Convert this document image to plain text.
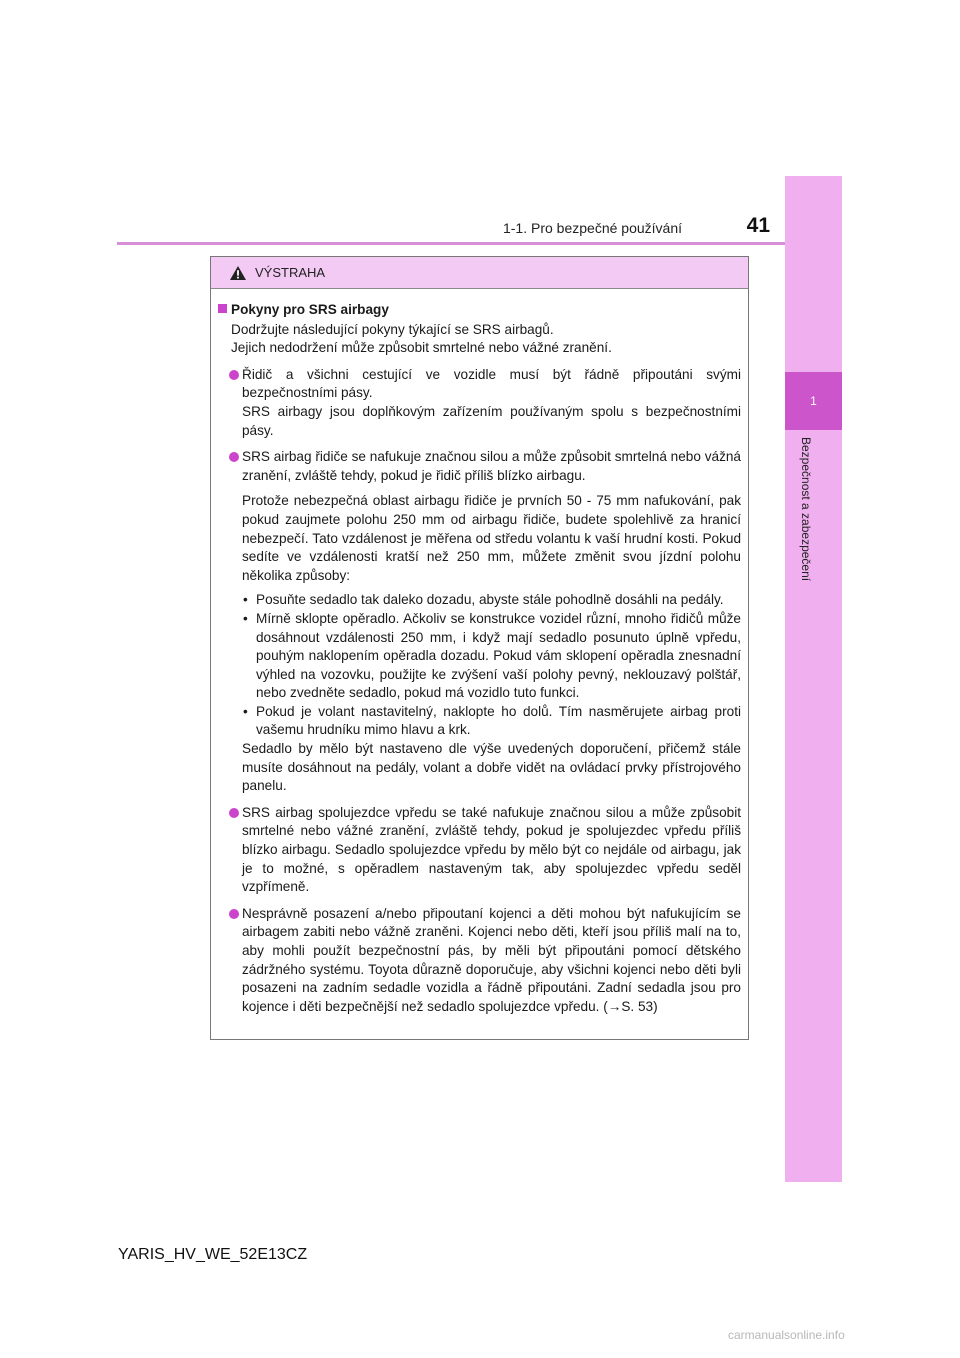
1
Bezpečnost a zabezpečení
1-1. Pro bezpečné používání	41
VÝSTRAHA
Pokyny pro SRS airbagy
Dodržujte následující pokyny týkající se SRS airbagů.
Jejich nedodržení může způsobit smrtelné nebo vážné zranění.
Řidič a všichni cestující ve vozidle musí být řádně připoutáni svými bezpečnostními pásy.
SRS airbagy jsou doplňkovým zařízením používaným spolu s bezpečnostními pásy.
SRS airbag řidiče se nafukuje značnou silou a může způsobit smrtelná nebo vážná zranění, zvláště tehdy, pokud je řidič příliš blízko airbagu.
Protože nebezpečná oblast airbagu řidiče je prvních 50 - 75 mm nafukování, pak pokud zaujmete polohu 250 mm od airbagu řidiče, budete spolehlivě za hranicí nebezpečí. Tato vzdálenost je měřena od středu volantu k vaší hrudní kosti. Pokud sedíte ve vzdálenosti kratší než 250 mm, můžete změnit svou jízdní polohu několika způsoby:
• Posuňte sedadlo tak daleko dozadu, abyste stále pohodlně dosáhli na pedály.
• Mírně sklopte opěradlo. Ačkoliv se konstrukce vozidel různí, mnoho řidičů může dosáhnout vzdálenosti 250 mm, i když mají sedadlo posunuto úplně vpředu, pouhým naklopením opěradla dozadu. Pokud vám sklopení opěradla znesnadní výhled na vozovku, použijte ke zvýšení vaší polohy pevný, neklouzavý polštář, nebo zvedněte sedadlo, pokud má vozidlo tuto funkci.
• Pokud je volant nastavitelný, naklopte ho dolů. Tím nasměrujete airbag proti vašemu hrudníku mimo hlavu a krk.
Sedadlo by mělo být nastaveno dle výše uvedených doporučení, přičemž stále musíte dosáhnout na pedály, volant a dobře vidět na ovládací prvky přístrojového panelu.
SRS airbag spolujezdce vpředu se také nafukuje značnou silou a může způsobit smrtelné nebo vážné zranění, zvláště tehdy, pokud je spolujezdec vpředu příliš blízko airbagu. Sedadlo spolujezdce vpředu by mělo být co nejdále od airbagu, jak je to možné, s opěradlem nastaveným tak, aby spolujezdec vpředu seděl vzpřímeně.
Nesprávně posazení a/nebo připoutaní kojenci a děti mohou být nafukujícím se airbagem zabiti nebo vážně zraněni. Kojenci nebo děti, kteří jsou příliš malí na to, aby mohli použít bezpečnostní pás, by měli být připoutáni pomocí dětského zádržného systému. Toyota důrazně doporučuje, aby všichni kojenci nebo děti byli posazeni na zadním sedadle vozidla a řádně připoutáni. Zadní sedadla jsou pro kojence i děti bezpečnější než sedadlo spolujezdce vpředu. (→S. 53)
YARIS_HV_WE_52E13CZ
carmanualsonline.info
